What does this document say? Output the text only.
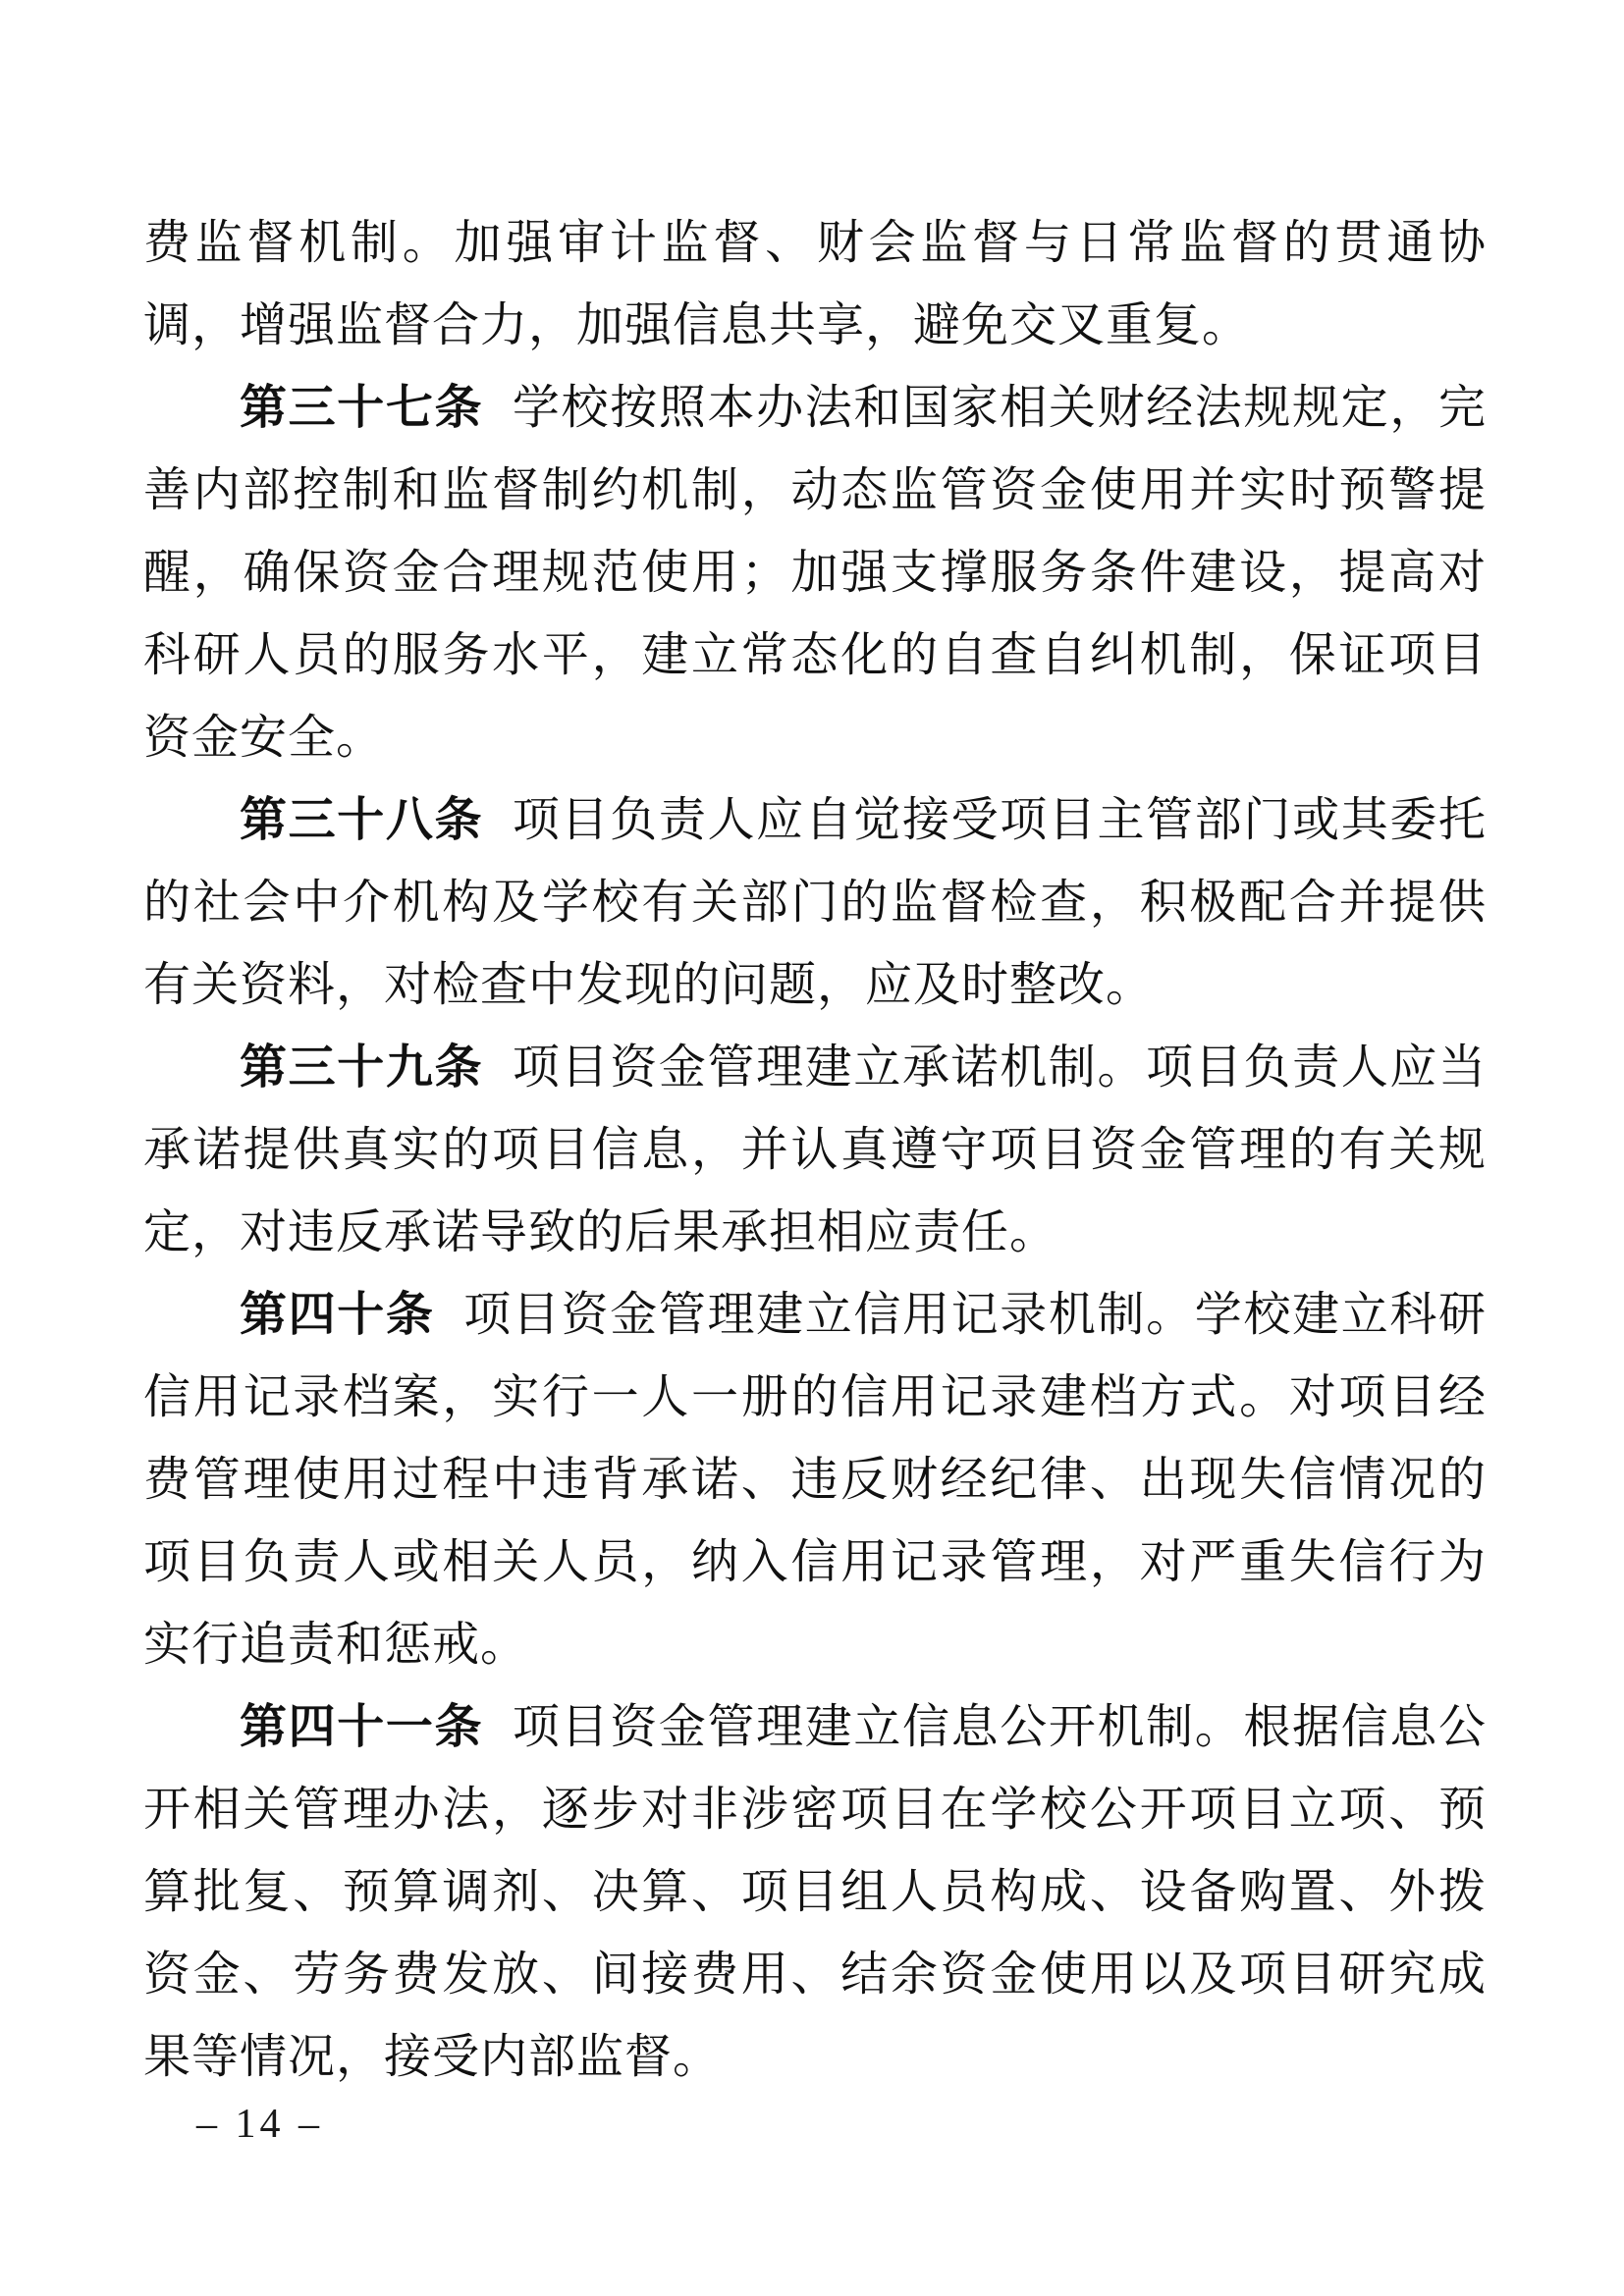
费监督机制。加强审计监督、财会监督与日常监督的贯通协调，增强监督合力，加强信息共享，避免交叉重复。

第三十七条 学校按照本办法和国家相关财经法规规定，完善内部控制和监督制约机制，动态监管资金使用并实时预警提醒，确保资金合理规范使用；加强支撑服务条件建设，提高对科研人员的服务水平，建立常态化的自查自纠机制，保证项目资金安全。

第三十八条 项目负责人应自觉接受项目主管部门或其委托的社会中介机构及学校有关部门的监督检查，积极配合并提供有关资料，对检查中发现的问题，应及时整改。

第三十九条 项目资金管理建立承诺机制。项目负责人应当承诺提供真实的项目信息，并认真遵守项目资金管理的有关规定，对违反承诺导致的后果承担相应责任。

第四十条 项目资金管理建立信用记录机制。学校建立科研信用记录档案，实行一人一册的信用记录建档方式。对项目经费管理使用过程中违背承诺、违反财经纪律、出现失信情况的项目负责人或相关人员，纳入信用记录管理，对严重失信行为实行追责和惩戒。

第四十一条 项目资金管理建立信息公开机制。根据信息公开相关管理办法，逐步对非涉密项目在学校公开项目立项、预算批复、预算调剂、决算、项目组人员构成、设备购置、外拨资金、劳务费发放、间接费用、结余资金使用以及项目研究成果等情况，接受内部监督。

– 14 –
